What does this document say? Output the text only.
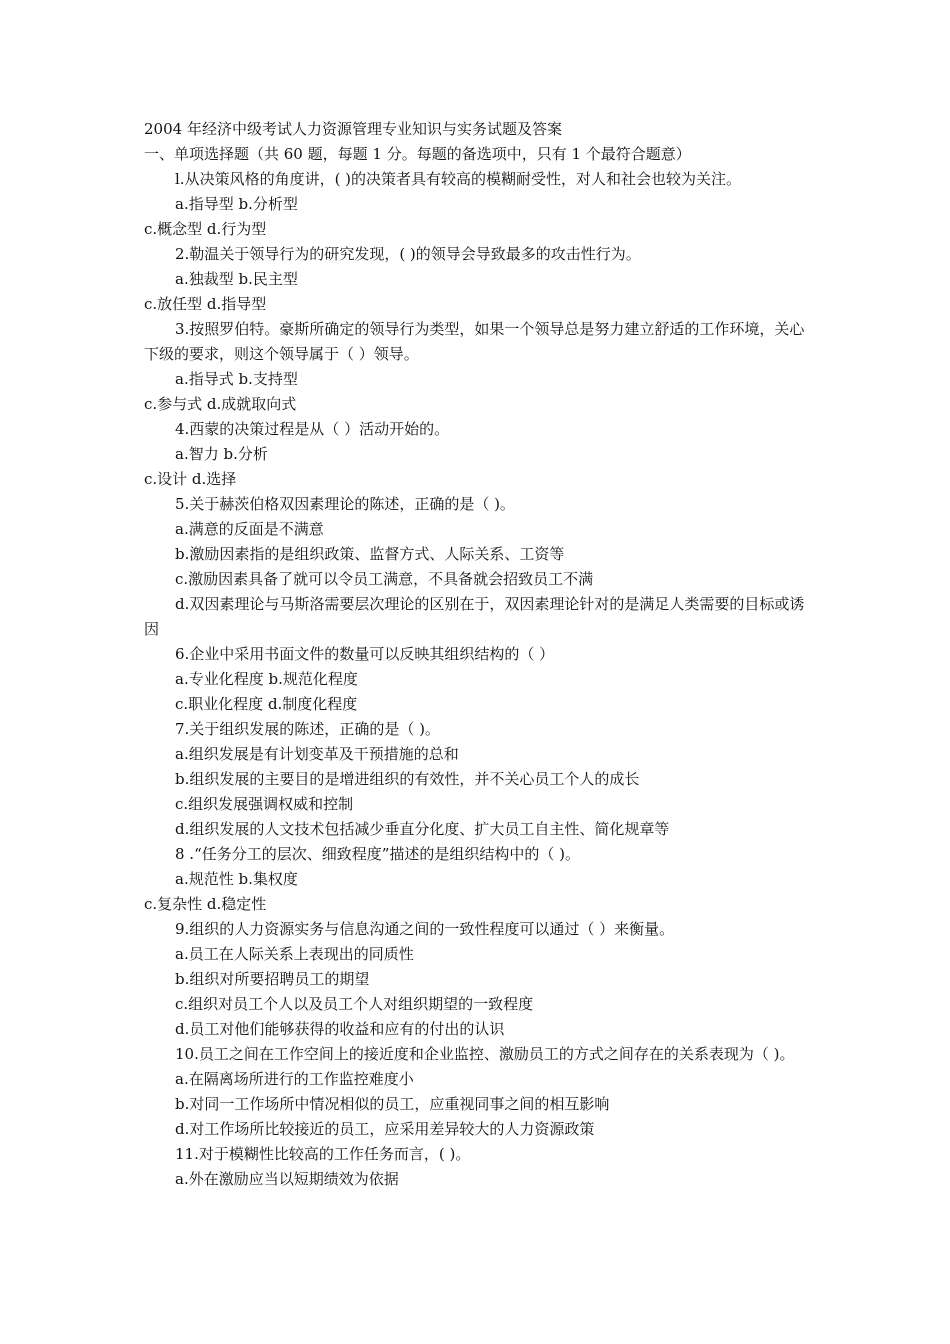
2004 年经济中级考试人力资源管理专业知识与实务试题及答案
一、单项选择题（共 60 题，每题 1 分。每题的备选项中，只有 1 个最符合题意）
l.从决策风格的角度讲，( )的决策者具有较高的模糊耐受性，对人和社会也较为关注。
a.指导型 b.分析型
c.概念型 d.行为型
2.勒温关于领导行为的研究发现，( )的领导会导致最多的攻击性行为。
a.独裁型 b.民主型
c.放任型 d.指导型
3.按照罗伯特。豪斯所确定的领导行为类型，如果一个领导总是努力建立舒适的工作环境，关心下级的要求，则这个领导属于（ ）领导。
a.指导式 b.支持型
c.参与式 d.成就取向式
4.西蒙的决策过程是从（ ）活动开始的。
a.智力 b.分析
c.设计 d.选择
5.关于赫茨伯格双因素理论的陈述，正确的是（ )。
a.满意的反面是不满意
b.激励因素指的是组织政策、监督方式、人际关系、工资等
c.激励因素具备了就可以令员工满意，不具备就会招致员工不满
d.双因素理论与马斯洛需要层次理论的区别在于，双因素理论针对的是满足人类需要的目标或诱因
6.企业中采用书面文件的数量可以反映其组织结构的（ ）
a.专业化程度 b.规范化程度
c.职业化程度 d.制度化程度
7.关于组织发展的陈述，正确的是（ )。
a.组织发展是有计划变革及干预措施的总和
b.组织发展的主要目的是增进组织的有效性，并不关心员工个人的成长
c.组织发展强调权威和控制
d.组织发展的人文技术包括减少垂直分化度、扩大员工自主性、简化规章等
8 .“任务分工的层次、细致程度”描述的是组织结构中的（ )。
a.规范性 b.集权度
c.复杂性 d.稳定性
9.组织的人力资源实务与信息沟通之间的一致性程度可以通过（ ）来衡量。
a.员工在人际关系上表现出的同质性
b.组织对所要招聘员工的期望
c.组织对员工个人以及员工个人对组织期望的一致程度
d.员工对他们能够获得的收益和应有的付出的认识
10.员工之间在工作空间上的接近度和企业监控、激励员工的方式之间存在的关系表现为（ )。
a.在隔离场所进行的工作监控难度小
b.对同一工作场所中情况相似的员工，应重视同事之间的相互影响
d.对工作场所比较接近的员工，应采用差异较大的人力资源政策
11.对于模糊性比较高的工作任务而言，( )。
a.外在激励应当以短期绩效为依据
